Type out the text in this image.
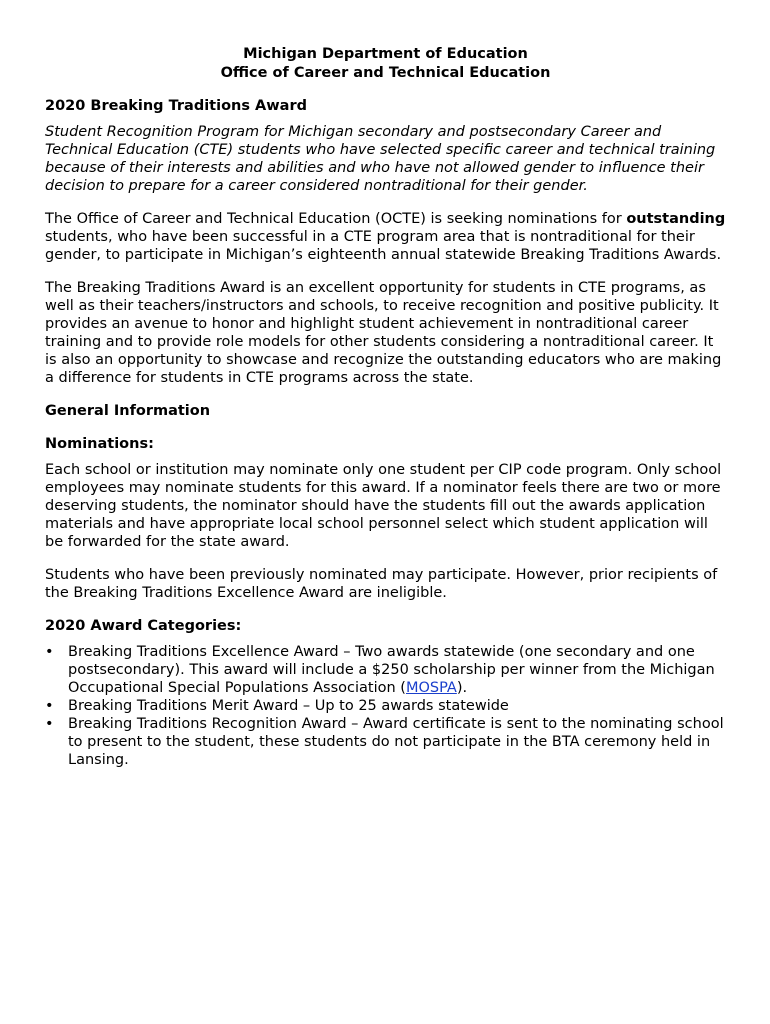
Michigan Department of Education
Office of Career and Technical Education
2020 Breaking Traditions Award

Student Recognition Program for Michigan secondary and postsecondary Career and Technical Education (CTE) students who have selected specific career and technical training because of their interests and abilities and who have not allowed gender to influence their decision to prepare for a career considered nontraditional for their gender.

The Office of Career and Technical Education (OCTE) is seeking nominations for outstanding students, who have been successful in a CTE program area that is nontraditional for their gender, to participate in Michigan’s eighteenth annual statewide Breaking Traditions Awards.

The Breaking Traditions Award is an excellent opportunity for students in CTE programs, as well as their teachers/instructors and schools, to receive recognition and positive publicity. It provides an avenue to honor and highlight student achievement in nontraditional career training and to provide role models for other students considering a nontraditional career. It is also an opportunity to showcase and recognize the outstanding educators who are making a difference for students in CTE programs across the state.

General Information
Nominations:

Each school or institution may nominate only one student per CIP code program. Only school employees may nominate students for this award. If a nominator feels there are two or more deserving students, the nominator should have the students fill out the awards application materials and have appropriate local school personnel select which student application will be forwarded for the state award.

Students who have been previously nominated may participate. However, prior recipients of the Breaking Traditions Excellence Award are ineligible.

2020 Award Categories:
• Breaking Traditions Excellence Award – Two awards statewide (one secondary and one postsecondary). This award will include a $250 scholarship per winner from the Michigan Occupational Special Populations Association (MOSPA).
• Breaking Traditions Merit Award – Up to 25 awards statewide
• Breaking Traditions Recognition Award – Award certificate is sent to the nominating school to present to the student, these students do not participate in the BTA ceremony held in Lansing.
